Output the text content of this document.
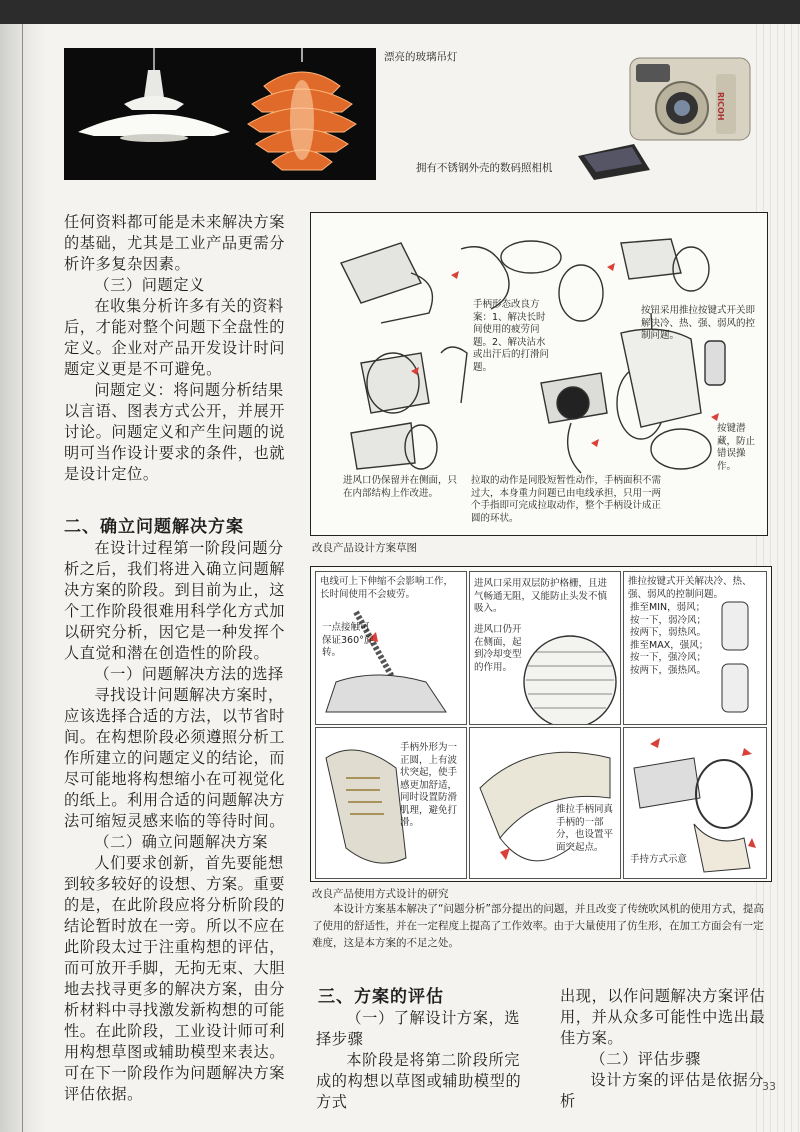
漂亮的玻璃吊灯
RICOH
拥有不锈钢外壳的数码照相机

任何资料都可能是未来解决方案的基础，尤其是工业产品更需分析许多复杂因素。

（三）问题定义

在收集分析许多有关的资料后，才能对整个问题下全盘性的定义。企业对产品开发设计时问题定义更是不可避免。

问题定义：将问题分析结果以言语、图表方式公开，并展开讨论。问题定义和产生问题的说明可当作设计要求的条件，也就是设计定位。

二、确立问题解决方案

在设计过程第一阶段问题分析之后，我们将进入确立问题解决方案的阶段。到目前为止，这个工作阶段很难用科学化方式加以研究分析，因它是一种发挥个人直觉和潜在创造性的阶段。

（一）问题解决方法的选择

寻找设计问题解决方案时，应该选择合适的方法，以节省时间。在构想阶段必须遵照分析工作所建立的问题定义的结论，而尽可能地将构想缩小在可视觉化的纸上。利用合适的问题解决方法可缩短灵感来临的等待时间。

（二）确立问题解决方案

人们要求创新，首先要能想到较多较好的设想、方案。重要的是，在此阶段应将分析阶段的结论暂时放在一旁。所以不应在此阶段太过于注重构想的评估，而可放开手脚，无拘无束、大胆地去找寻更多的解决方案，由分析材料中寻找激发新构想的可能性。在此阶段，工业设计师可利用构想草图或辅助模型来表达。可在下一阶段作为问题解决方案评估依据。

手柄形态改良方案：1、解决长时间使用的疲劳问题。2、解决沾水或出汗后的打滑问题。
按钮采用推拉按键式开关即解决冷、热、强、弱风的控制问题。
进风口仍保留并在侧面，只在内部结构上作改进。
拉取的动作是同股短暂性动作，手柄面积不需过大，本身重力问题已由电线承担，只用一两个手指即可完成拉取动作，整个手柄设计成正圆的环状。
按键潜藏，防止错误操作。
改良产品设计方案草图
电线可上下伸缩不会影响工作，长时间使用不会疲劳。
一点接触可保证360°旋转。
进风口采用双层防护格栅，且进气畅通无阻，又能防止头发不慎吸入。
进风口仍开在侧面，起到冷却变型的作用。
推拉按键式开关解决冷、热、强、弱风的控制问题。
推至MIN，弱风；
按一下，弱冷风；
按两下，弱热风。
推至MAX，强风；
按一下，强冷风；
按两下，强热风。
手柄外形为一正圆，上有波状突起，使手感更加舒适，同时设置防滑肌理，避免打滑。
推拉手柄同真手柄的一部分，也设置平面突起点。
手持方式示意
改良产品使用方式设计的研究
本设计方案基本解决了“问题分析”部分提出的问题，并且改变了传统吹风机的使用方式，提高了使用的舒适性，并在一定程度上提高了工作效率。由于大量使用了仿生形，在加工方面会有一定难度，这是本方案的不足之处。
三、方案的评估

（一）了解设计方案，选择步骤

本阶段是将第二阶段所完成的构想以草图或辅助模型的方式

出现，以作问题解决方案评估用，并从众多可能性中选出最佳方案。

（二）评估步骤

设计方案的评估是依据分析

33
